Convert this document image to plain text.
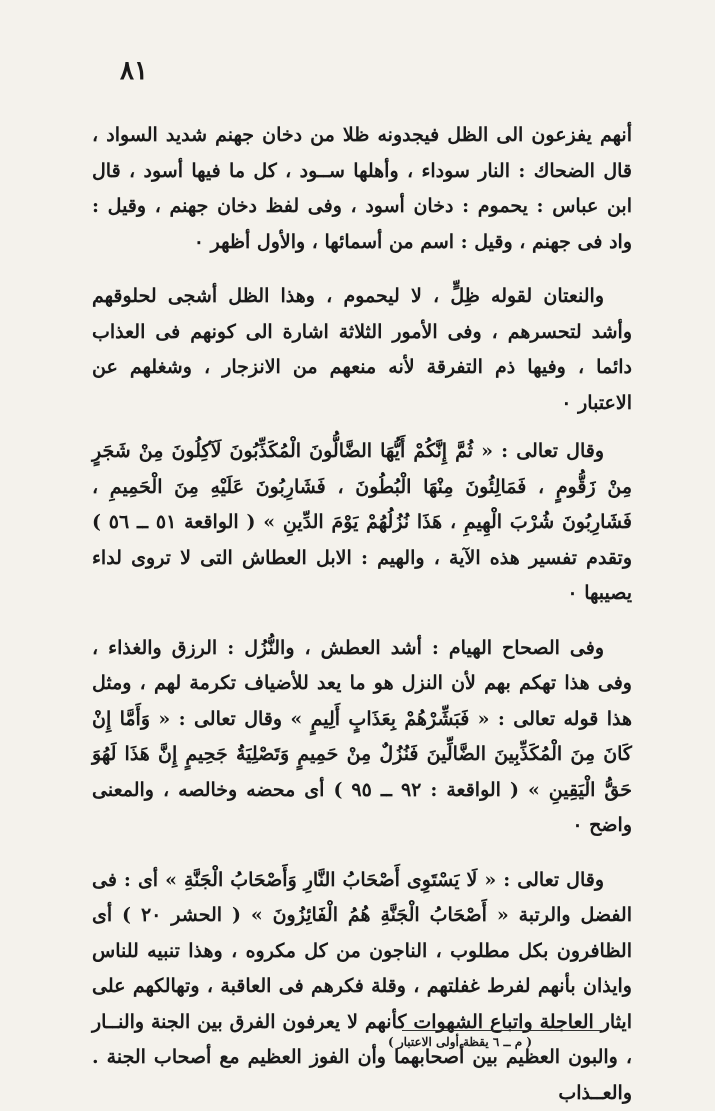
٨١

أنهم يفزعون الى الظل فيجدونه ظلا من دخان جهنم شديد السواد ، قال الضحاك : النار سوداء ، وأهلها ســود ، كل ما فيها أسود ، قال ابن عباس : يحموم : دخان أسود ، وفى لفظ دخان جهنم ، وقيل : واد فى جهنم ، وقيل : اسم من أسمائها ، والأول أظهر ٠

والنعتان لقوله ظِلٍّ ، لا ليحموم ، وهذا الظل أشجى لحلوقهم وأشد لتحسرهم ، وفى الأمور الثلاثة اشارة الى كونهم فى العذاب دائما ، وفيها ذم التفرقة لأنه منعهم من الانزجار ، وشغلهم عن الاعتبار ٠

وقال تعالى : « ثُمَّ إِنَّكُمْ أَيُّهَا الضَّالُّونَ الْمُكَذِّبُونَ لَآكِلُونَ مِنْ شَجَرٍ مِنْ زَقُّومٍ ، فَمَالِئُونَ مِنْهَا الْبُطُونَ ، فَشَارِبُونَ عَلَيْهِ مِنَ الْحَمِيمِ ، فَشَارِبُونَ شُرْبَ الْهِيمِ ، هَذَا نُزُلُهُمْ يَوْمَ الدِّينِ » ( الواقعة ٥١ ــ ٥٦ ) وتقدم تفسير هذه الآية ، والهيم : الابل العطاش التى لا تروى لداء يصيبها ٠

وفى الصحاح الهيام : أشد العطش ، والنُّزُل : الرزق والغذاء ، وفى هذا تهكم بهم لأن النزل هو ما يعد للأضياف تكرمة لهم ، ومثل هذا قوله تعالى : « فَبَشِّرْهُمْ بِعَذَابٍ أَلِيمٍ » وقال تعالى : « وَأَمَّا إِنْ كَانَ مِنَ الْمُكَذِّبِينَ الضَّالِّينَ فَنُزُلٌ مِنْ حَمِيمٍ وَتَصْلِيَةُ جَحِيمٍ إِنَّ هَذَا لَهُوَ حَقُّ الْيَقِينِ » ( الواقعة : ٩٢ ــ ٩٥ ) أى محضه وخالصه ، والمعنى واضح ٠

وقال تعالى : « لَا يَسْتَوِى أَصْحَابُ النَّارِ وَأَصْحَابُ الْجَنَّةِ » أى : فى الفضل والرتبة « أَصْحَابُ الْجَنَّةِ هُمُ الْفَائِزُونَ » ( الحشر ٢٠ ) أى الظافرون بكل مطلوب ، الناجون من كل مكروه ، وهذا تنبيه للناس وايذان بأنهم لفرط غفلتهم ، وقلة فكرهم فى العاقبة ، وتهالكهم على ايثار العاجلة واتباع الشهوات كأنهم لا يعرفون الفرق بين الجنة والنــار ، والبون العظيم بين أصحابهما وأن الفوز العظيم مع أصحاب الجنة . والعــذاب

( م ــ ٦ يقظة أولى الاعتبار )
